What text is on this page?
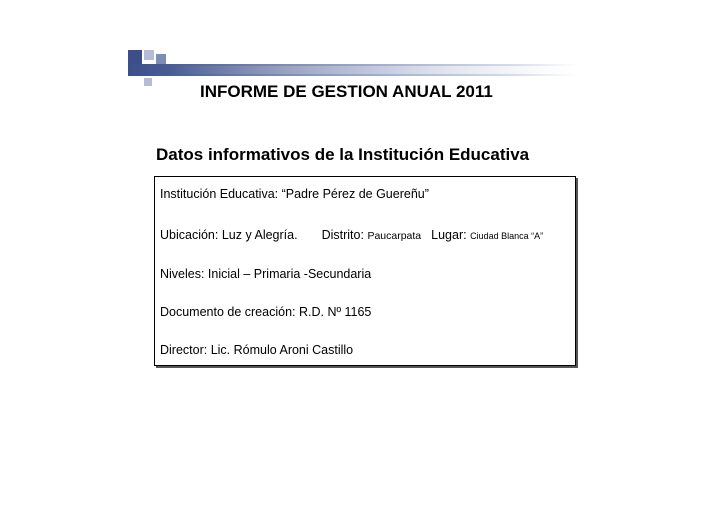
INFORME DE GESTION ANUAL 2011
Datos informativos de la Institución Educativa
Institución Educativa: “Padre Pérez de Guereñu”
Ubicación: Luz y Alegría. Distrito: Paucarpata Lugar: Ciudad Blanca “A”
Niveles: Inicial – Primaria -Secundaria
Documento de creación: R.D. Nº 1165
Director: Lic. Rómulo Aroni Castillo
